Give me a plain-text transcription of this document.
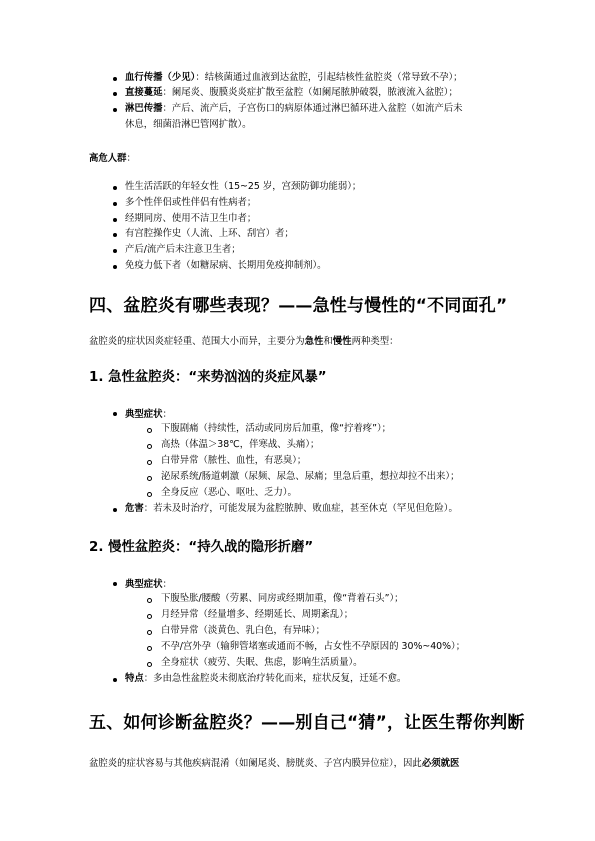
血行传播（少见）：结核菌通过血液到达盆腔，引起结核性盆腔炎（常导致不孕）；
直接蔓延：阑尾炎、腹膜炎炎症扩散至盆腔（如阑尾脓肿破裂，脓液流入盆腔）；
淋巴传播：产后、流产后，子宫伤口的病原体通过淋巴循环进入盆腔（如流产后未
休息，细菌沿淋巴管网扩散）。
高危人群：
性生活活跃的年轻女性（15~25 岁，宫颈防御功能弱）；
多个性伴侣或性伴侣有性病者；
经期同房、使用不洁卫生巾者；
有宫腔操作史（人流、上环、刮宫）者；
产后/流产后未注意卫生者；
免疫力低下者（如糖尿病、长期用免疫抑制剂）。
四、盆腔炎有哪些表现？——急性与慢性的“不同面孔”
盆腔炎的症状因炎症轻重、范围大小而异，主要分为急性和慢性两种类型：
1. 急性盆腔炎：“来势汹汹的炎症风暴”
典型症状：
下腹剧痛（持续性，活动或同房后加重，像“拧着疼”）；
高热（体温＞38℃，伴寒战、头痛）；
白带异常（脓性、血性，有恶臭）；
泌尿系统/肠道刺激（尿频、尿急、尿痛；里急后重，想拉却拉不出来）；
全身反应（恶心、呕吐、乏力）。
危害：若未及时治疗，可能发展为盆腔脓肿、败血症，甚至休克（罕见但危险）。
2. 慢性盆腔炎：“持久战的隐形折磨”
典型症状：
下腹坠胀/腰酸（劳累、同房或经期加重，像“背着石头”）；
月经异常（经量增多、经期延长、周期紊乱）；
白带异常（淡黄色、乳白色，有异味）；
不孕/宫外孕（输卵管堵塞或通而不畅，占女性不孕原因的 30%~40%）；
全身症状（疲劳、失眠、焦虑，影响生活质量）。
特点：多由急性盆腔炎未彻底治疗转化而来，症状反复，迁延不愈。
五、如何诊断盆腔炎？——别自己“猜”，让医生帮你判断
盆腔炎的症状容易与其他疾病混淆（如阑尾炎、膀胱炎、子宫内膜异位症），因此必须就医
